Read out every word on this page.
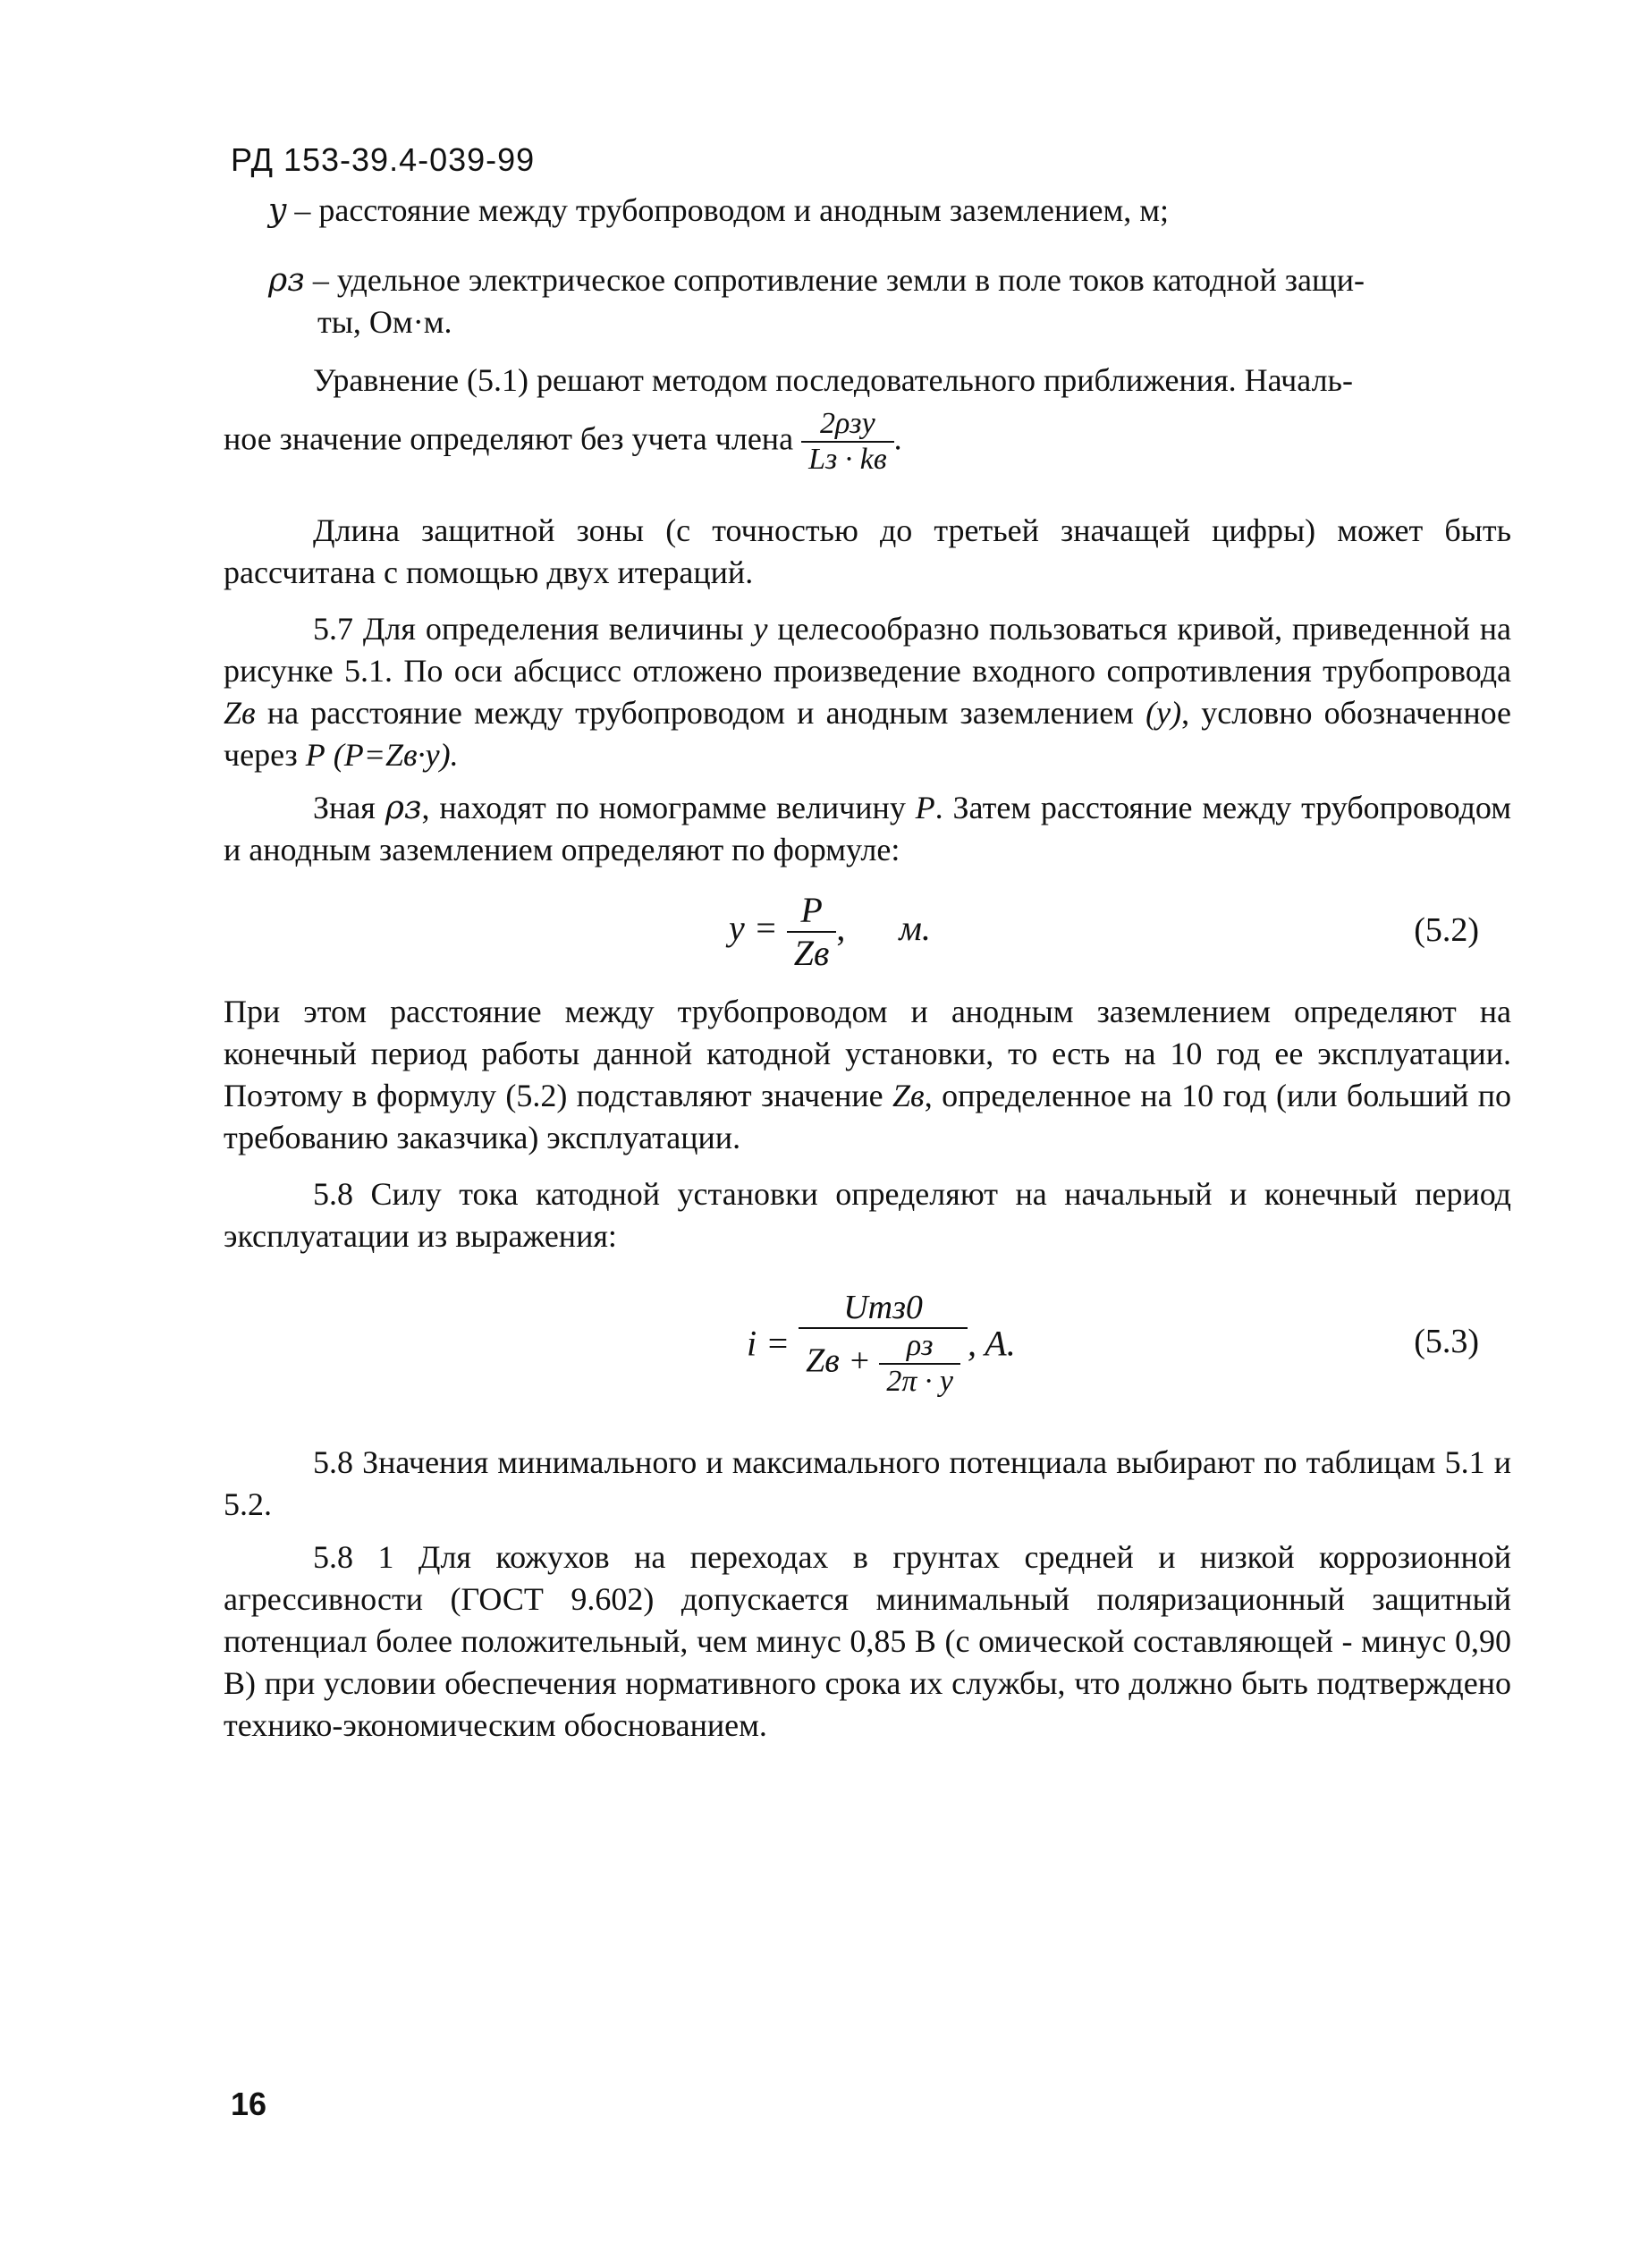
РД 153-39.4-039-99
y – расстояние между трубопроводом и анодным заземлением, м;
ρз – удельное электрическое сопротивление земли в поле токов катодной защи-
ты, Ом·м.
Уравнение (5.1) решают методом последовательного приближения. Началь-
ное значение определяют без учета члена $\frac{\text{2ρзy}}{Lз \cdot kв}$ .
Длина защитной зоны (с точностью до третьей значащей цифры) может быть рассчитана с помощью двух итераций.
5.7 Для определения величины y целесообразно пользоваться кривой, приведенной на рисунке 5.1. По оси абсцисс отложено произведение входного сопротивления трубопровода Zв на расстояние между трубопроводом и анодным заземлением (y), условно обозначенное через P (P=Zв·y).
Зная ρз, находят по номограмме величину P. Затем расстояние между трубопроводом и анодным заземлением определяют по формуле:
$y = \frac{P}{Zв}$ , м.	(5.2)
При этом расстояние между трубопроводом и анодным заземлением определяют на конечный период работы данной катодной установки, то есть на 10 год ее эксплуатации. Поэтому в формулу (5.2) подставляют значение Zв, определенное на 10 год (или больший по требованию заказчика) эксплуатации.
5.8 Силу тока катодной установки определяют на начальный и конечный период эксплуатации из выражения:
$i = \frac{\text{Umз0}}{Zв + \frac{\rho з}{2\pi \cdot y}}$ , A.	(5.3)
5.8 Значения минимального и максимального потенциала выбирают по таблицам 5.1 и 5.2.
5.8 1 Для кожухов на переходах в грунтах средней и низкой коррозионной агрессивности (ГОСТ 9.602) допускается минимальный поляризационный защитный потенциал более положительный, чем минус 0,85 В (с омической составляющей - минус 0,90 В) при условии обеспечения нормативного срока их службы, что должно быть подтверждено технико-экономическим обоснованием.
16
